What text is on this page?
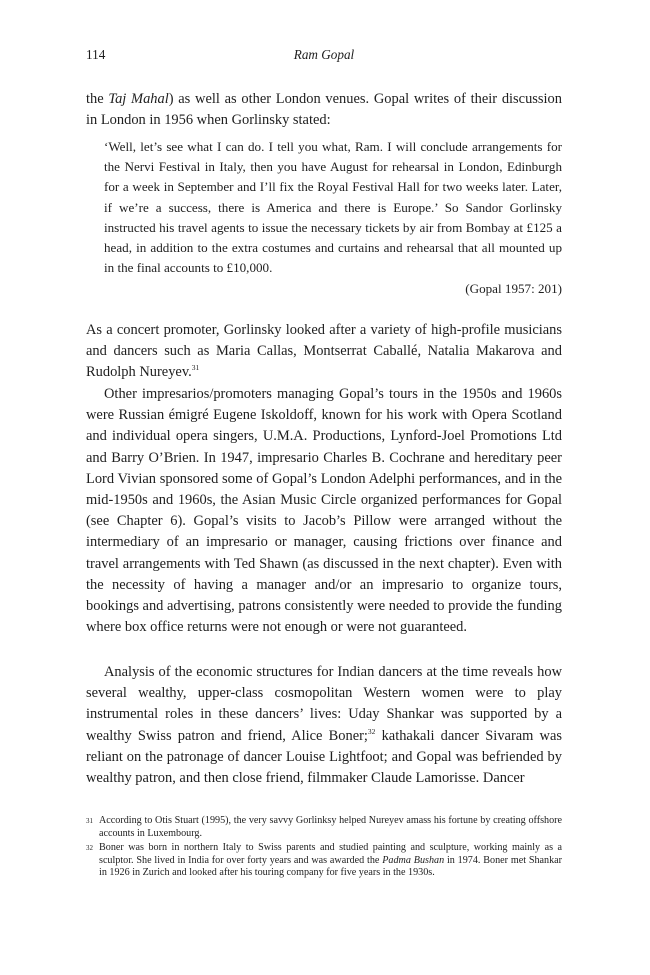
114	Ram Gopal

the Taj Mahal) as well as other London venues. Gopal writes of their discussion in London in 1956 when Gorlinsky stated:

‘Well, let’s see what I can do. I tell you what, Ram. I will conclude arrangements for the Nervi Festival in Italy, then you have August for rehearsal in London, Edinburgh for a week in September and I’ll fix the Royal Festival Hall for two weeks later. Later, if we’re a success, there is America and there is Europe.’ So Sandor Gorlinsky instructed his travel agents to issue the necessary tickets by air from Bombay at £125 a head, in addition to the extra costumes and curtains and rehearsal that all mounted up in the final accounts to £10,000.

(Gopal 1957: 201)

As a concert promoter, Gorlinsky looked after a variety of high-profile musicians and dancers such as Maria Callas, Montserrat Caballé, Natalia Makarova and Rudolph Nureyev.$^{31}$

Other impresarios/promoters managing Gopal’s tours in the 1950s and 1960s were Russian émigré Eugene Iskoldoff, known for his work with Opera Scotland and individual opera singers, U.M.A. Productions, Lynford-Joel Promotions Ltd and Barry O’Brien. In 1947, impresario Charles B. Cochrane and hereditary peer Lord Vivian sponsored some of Gopal’s London Adelphi performances, and in the mid-1950s and 1960s, the Asian Music Circle organized performances for Gopal (see Chapter 6). Gopal’s visits to Jacob’s Pillow were arranged without the intermediary of an impresario or manager, causing frictions over finance and travel arrangements with Ted Shawn (as discussed in the next chapter). Even with the necessity of having a manager and/or an impresario to organize tours, bookings and advertising, patrons consistently were needed to provide the funding where box office returns were not enough or were not guaranteed.

Analysis of the economic structures for Indian dancers at the time reveals how several wealthy, upper-class cosmopolitan Western women were to play instrumental roles in these dancers’ lives: Uday Shankar was supported by a wealthy Swiss patron and friend, Alice Boner;$^{32}$ kathakali dancer Sivaram was reliant on the patronage of dancer Louise Lightfoot; and Gopal was befriended by wealthy patron, and then close friend, filmmaker Claude Lamorisse. Dancer

31 According to Otis Stuart (1995), the very savvy Gorlinksy helped Nureyev amass his fortune by creating offshore accounts in Luxembourg.
32 Boner was born in northern Italy to Swiss parents and studied painting and sculpture, working mainly as a sculptor. She lived in India for over forty years and was awarded the Padma Bushan in 1974. Boner met Shankar in 1926 in Zurich and looked after his touring company for five years in the 1930s.
